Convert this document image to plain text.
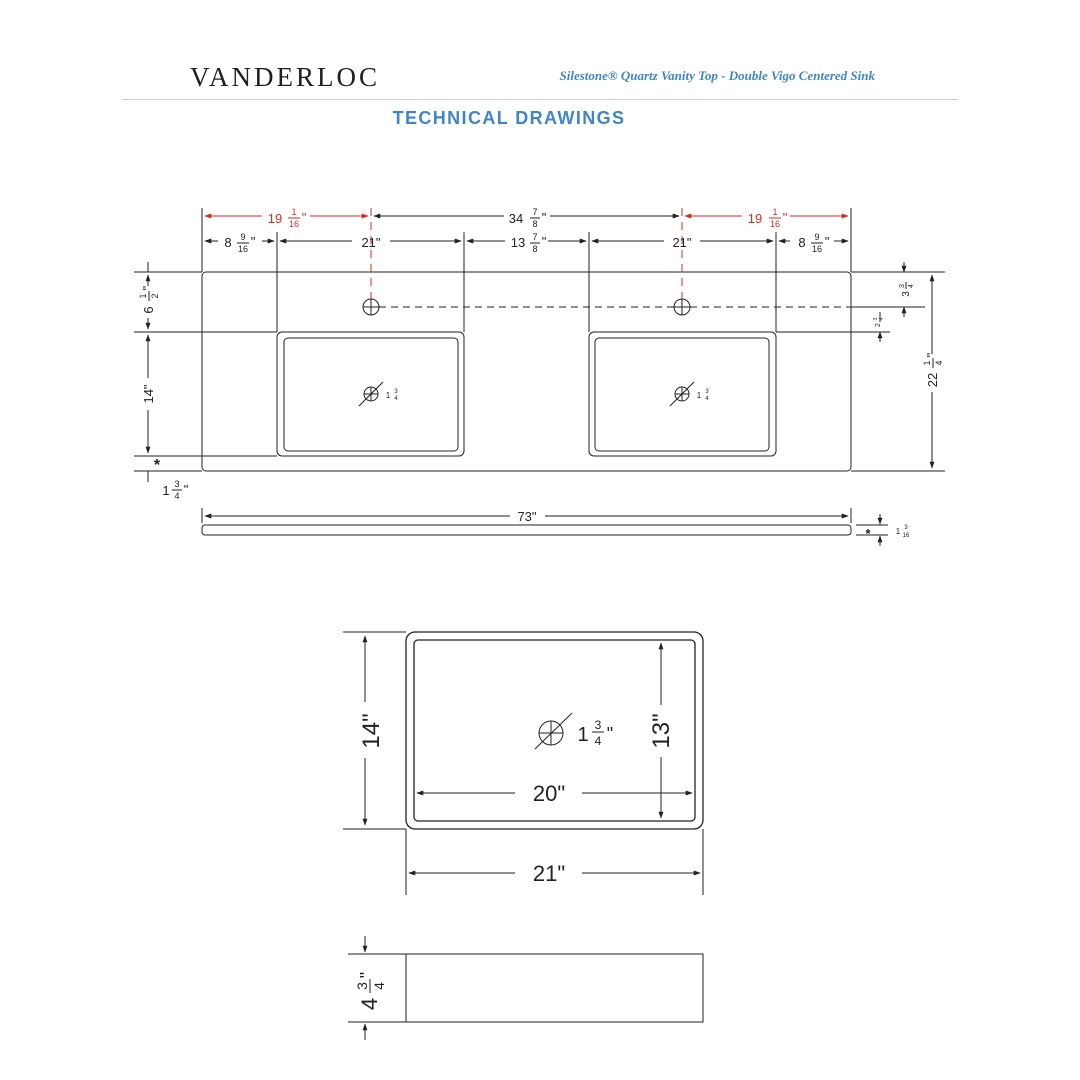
VANDERLOC	Silestone® Quartz Vanity Top - Double Vigo Centered Sink
TECHNICAL DRAWINGS
19 1
16 "	19 1
16 "
34 7
8 "
8 9
16 "	21"	13 7
8 "	21"	8 9
16 "
6
1 2
"
14"
*
1 3
4 "
3
3 4
2
3 4
22
1 4
"
1 3
4	1 3
4
73"
*	1 3
16
14"	13"
20"
21"
1 3
4 "
4
3 4
"
